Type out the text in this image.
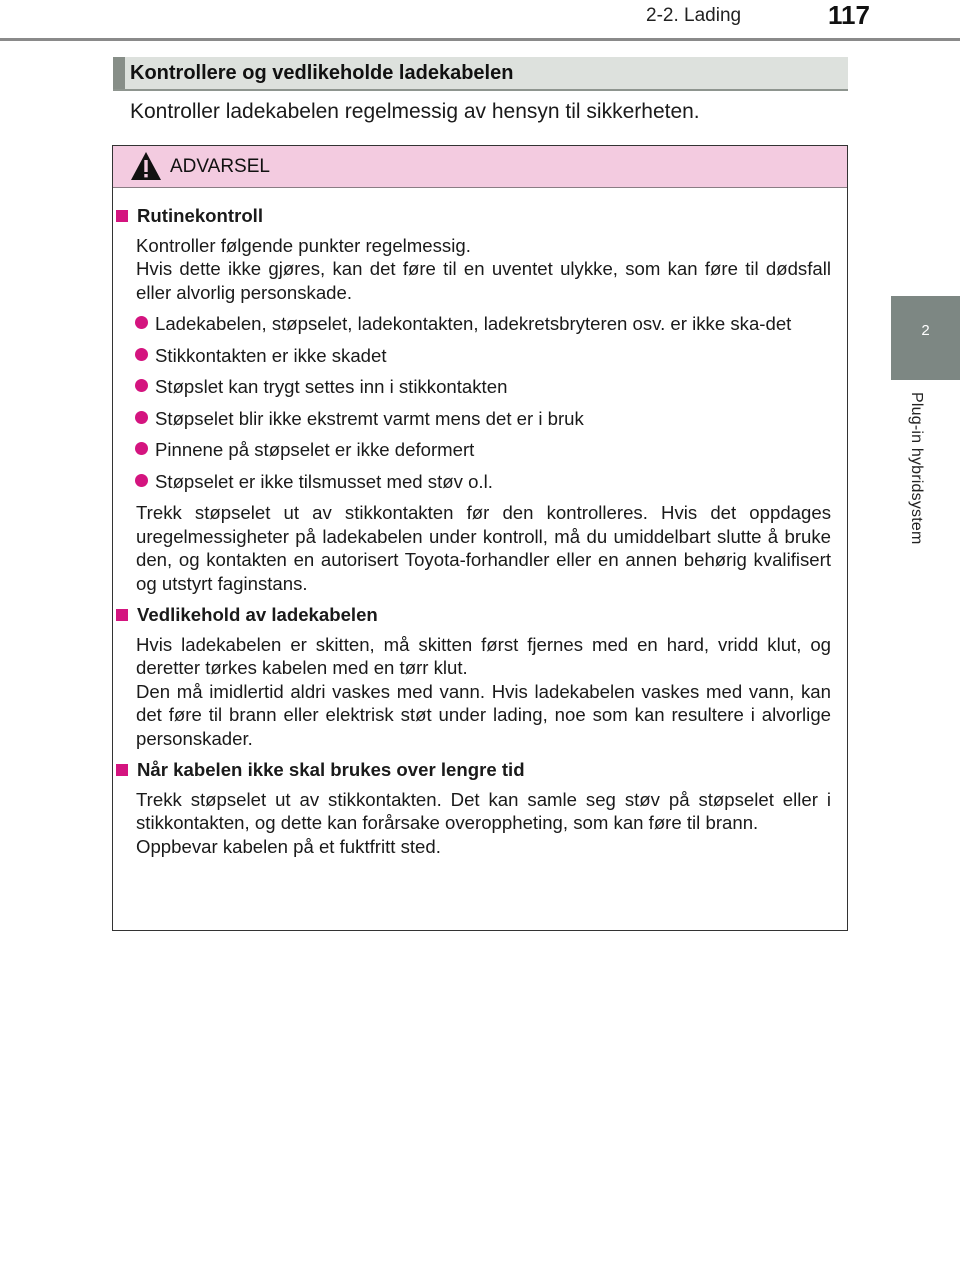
2-2. Lading	117
2
Plug-in hybridsystem
Kontrollere og vedlikeholde ladekabelen
Kontroller ladekabelen regelmessig av hensyn til sikkerheten.
ADVARSEL
Rutinekontroll
Kontroller følgende punkter regelmessig.
Hvis dette ikke gjøres, kan det føre til en uventet ulykke, som kan føre til dødsfall eller alvorlig personskade.
Ladekabelen, støpselet, ladekontakten, ladekretsbryteren osv. er ikke ska-det
Stikkontakten er ikke skadet
Støpslet kan trygt settes inn i stikkontakten
Støpselet blir ikke ekstremt varmt mens det er i bruk
Pinnene på støpselet er ikke deformert
Støpselet er ikke tilsmusset med støv o.l.
Trekk støpselet ut av stikkontakten før den kontrolleres. Hvis det oppdages uregelmessigheter på ladekabelen under kontroll, må du umiddelbart slutte å bruke den, og kontakten en autorisert Toyota-forhandler eller en annen behørig kvalifisert og utstyrt faginstans.
Vedlikehold av ladekabelen
Hvis ladekabelen er skitten, må skitten først fjernes med en hard, vridd klut, og deretter tørkes kabelen med en tørr klut.
Den må imidlertid aldri vaskes med vann. Hvis ladekabelen vaskes med vann, kan det føre til brann eller elektrisk støt under lading, noe som kan resultere i alvorlige personskader.
Når kabelen ikke skal brukes over lengre tid
Trekk støpselet ut av stikkontakten. Det kan samle seg støv på støpselet eller i stikkontakten, og dette kan forårsake overoppheting, som kan føre til brann.
Oppbevar kabelen på et fuktfritt sted.
